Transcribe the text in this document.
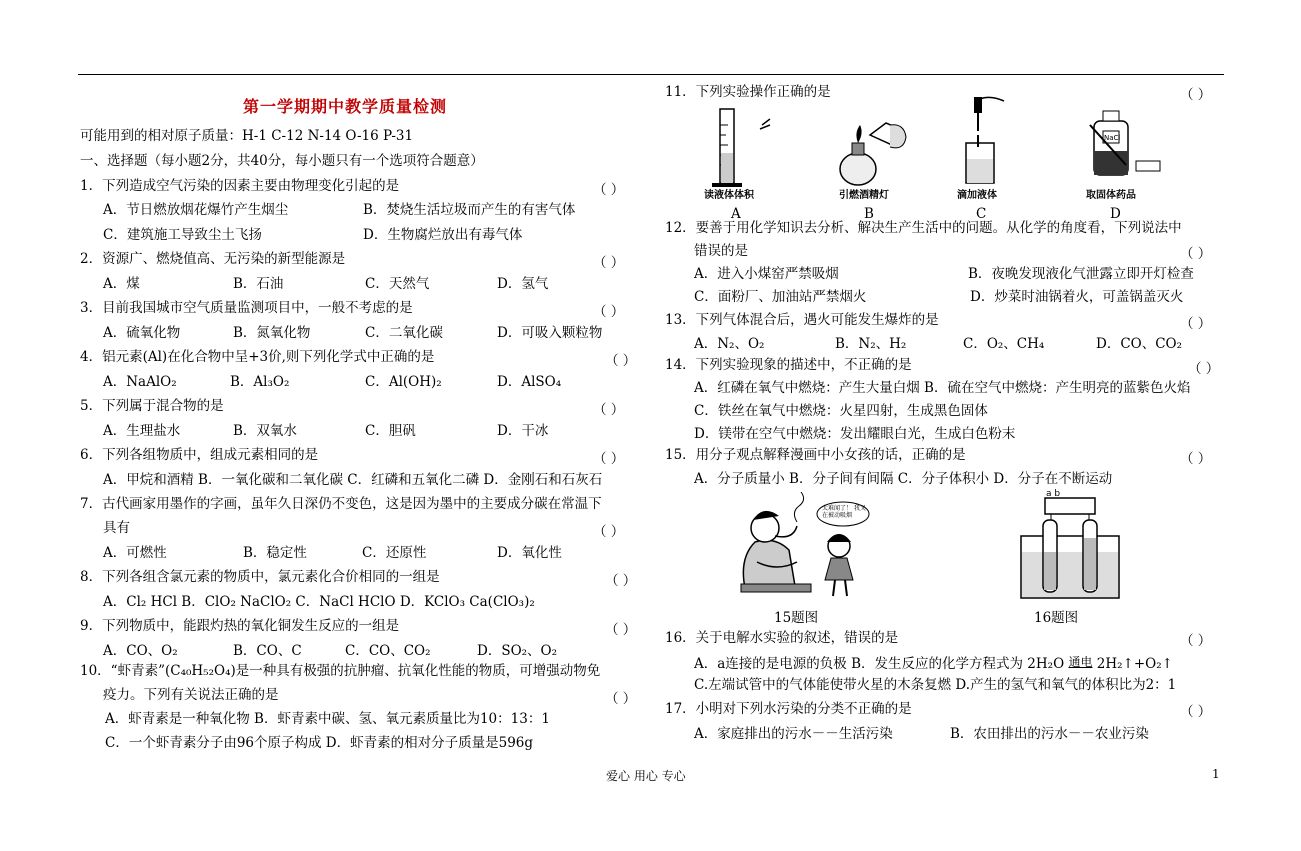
第一学期期中教学质量检测
可能用到的相对原子质量：H-1 C-12 N-14 O-16 P-31
一、选择题（每小题2分，共40分，每小题只有一个选项符合题意）
1．下列造成空气污染的因素主要由物理变化引起的是	（ ）
A．节日燃放烟花爆竹产生烟尘	B．焚烧生活垃圾而产生的有害气体
C．建筑施工导致尘土飞扬	D．生物腐烂放出有毒气体
2．资源广、燃烧值高、无污染的新型能源是	（ ）
A．煤	B．石油	C．天然气	D．氢气
3．目前我国城市空气质量监测项目中，一般不考虑的是	（ ）
A．硫氧化物	B．氮氧化物	C．二氧化碳	D．可吸入颗粒物
4．铝元素(Al)在化合物中呈+3价,则下列化学式中正确的是	（ ）
A．NaAlO₂	B．Al₃O₂	C．Al(OH)₂	D．AlSO₄
5．下列属于混合物的是	（ ）
A．生理盐水	B．双氧水	C．胆矾	D．干冰
6．下列各组物质中，组成元素相同的是	（ ）
A．甲烷和酒精 B．一氧化碳和二氧化碳 C．红磷和五氧化二磷 D．金刚石和石灰石
7．古代画家用墨作的字画，虽年久日深仍不变色，这是因为墨中的主要成分碳在常温下
具有	（ ）
A．可燃性	B．稳定性	C．还原性	D．氧化性
8．下列各组含氯元素的物质中，氯元素化合价相同的一组是	（ ）
A．Cl₂ HCl B．ClO₂ NaClO₂ C．NaCl HClO D．KClO₃ Ca(ClO₃)₂
9．下列物质中，能跟灼热的氧化铜发生反应的一组是	（ ）
A．CO、O₂	B．CO、C	C．CO、CO₂	D．SO₂、O₂
10．“虾青素”(C₄₀H₅₂O₄)是一种具有极强的抗肿瘤、抗氧化性能的物质，可增强动物免
疫力。下列有关说法正确的是	（ ）
A．虾青素是一种氧化物 B．虾青素中碳、氢、氧元素质量比为10：13：1
C．一个虾青素分子由96个原子构成 D．虾青素的相对分子质量是596g
11．下列实验操作正确的是	（ ）
NaCl
读液体体积	引燃酒精灯	滴加液体	取固体药品
A	B	C	D
12．要善于用化学知识去分析、解决生产生活中的问题。从化学的角度看，下列说法中
错误的是	（ ）
A．进入小煤窑严禁吸烟	B．夜晚发现液化气泄露立即开灯检查
C．面粉厂、加油站严禁烟火	D．炒菜时油锅着火，可盖锅盖灭火
13．下列气体混合后，遇火可能发生爆炸的是	（ ）
A．N₂、O₂	B．N₂、H₂	C．O₂、CH₄	D．CO、CO₂
14．下列实验现象的描述中，不正确的是	（ ）
A．红磷在氧气中燃烧：产生大量白烟 B．硫在空气中燃烧：产生明亮的蓝紫色火焰
C．铁丝在氧气中燃烧：火星四射，生成黑色固体
D．镁带在空气中燃烧：发出耀眼白光，生成白色粉末
15．用分子观点解释漫画中小女孩的话，正确的是	（ ）
A．分子质量小 B．分子间有间隔 C．分子体积小 D．分子在不断运动
太难闻了！ 我又在被动吸烟
a b
15题图	16题图
16．关于电解水实验的叙述，错误的是	（ ）
A．a连接的是电源的负极 B．发生反应的化学方程式为 2H₂O 通电 2H₂↑+O₂↑
C.左端试管中的气体能使带火星的木条复燃 D.产生的氢气和氧气的体积比为2：1
17．小明对下列水污染的分类不正确的是	（ ）
A．家庭排出的污水－－生活污染	B．农田排出的污水－－农业污染
爱心 用心 专心	1
